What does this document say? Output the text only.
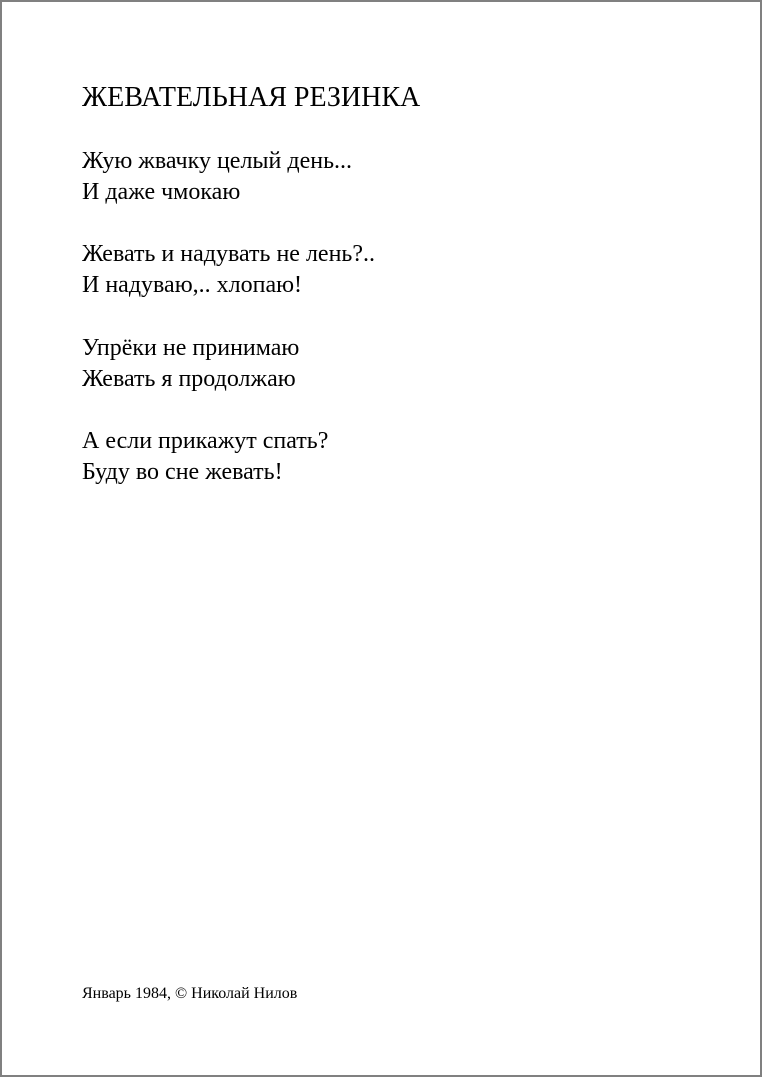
ЖЕВАТЕЛЬНАЯ РЕЗИНКА
Жую жвачку целый день...
И даже чмокаю
Жевать и надувать не лень?..
И надуваю,.. хлопаю!
Упрёки не принимаю
Жевать я продолжаю
А если прикажут спать?
Буду во сне жевать!

Январь 1984, © Николай Нилов
